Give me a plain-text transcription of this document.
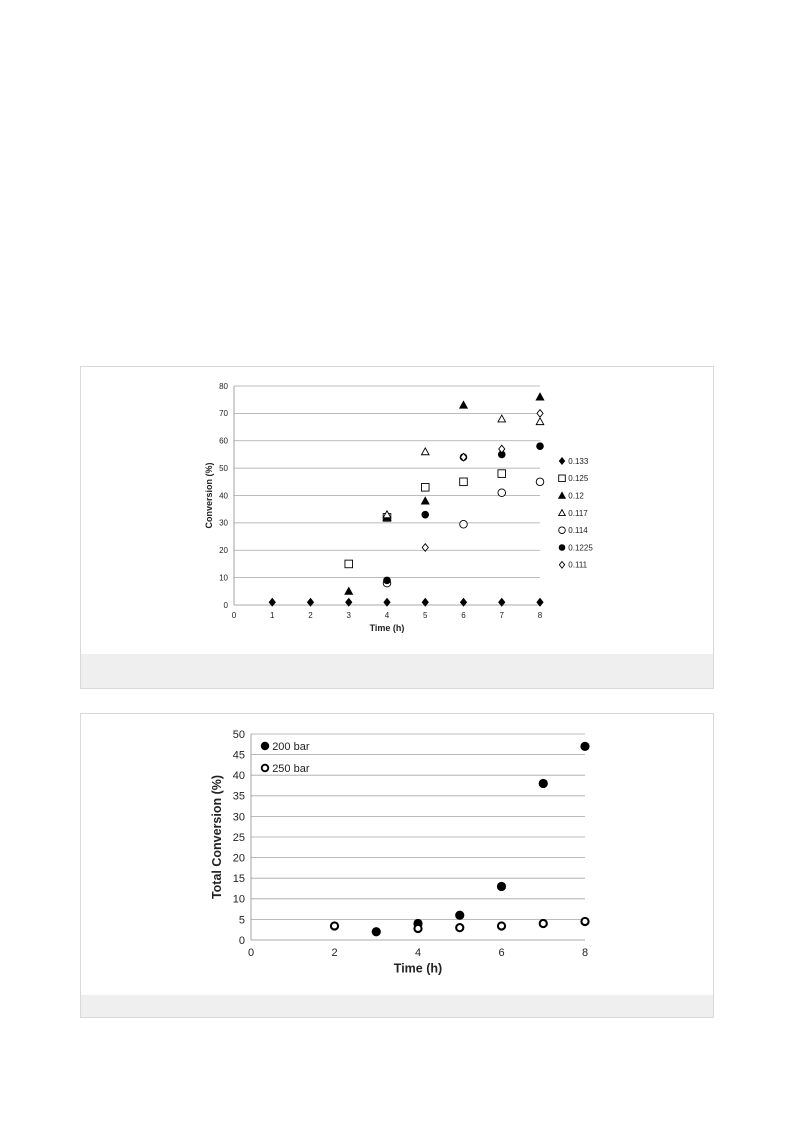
0
10
20
30
40
50
60
70
80
0	1	2	3	4	5	6	7	8
Time (h)
Conversion (%)
0.133
0.125
0.12
0.117
0.114
0.1225
0.111
0
5
10
15
20
25
30
35
40
45
50
0	2	4	6	8
Time (h)
Total Conversion (%)
200 bar
250 bar
